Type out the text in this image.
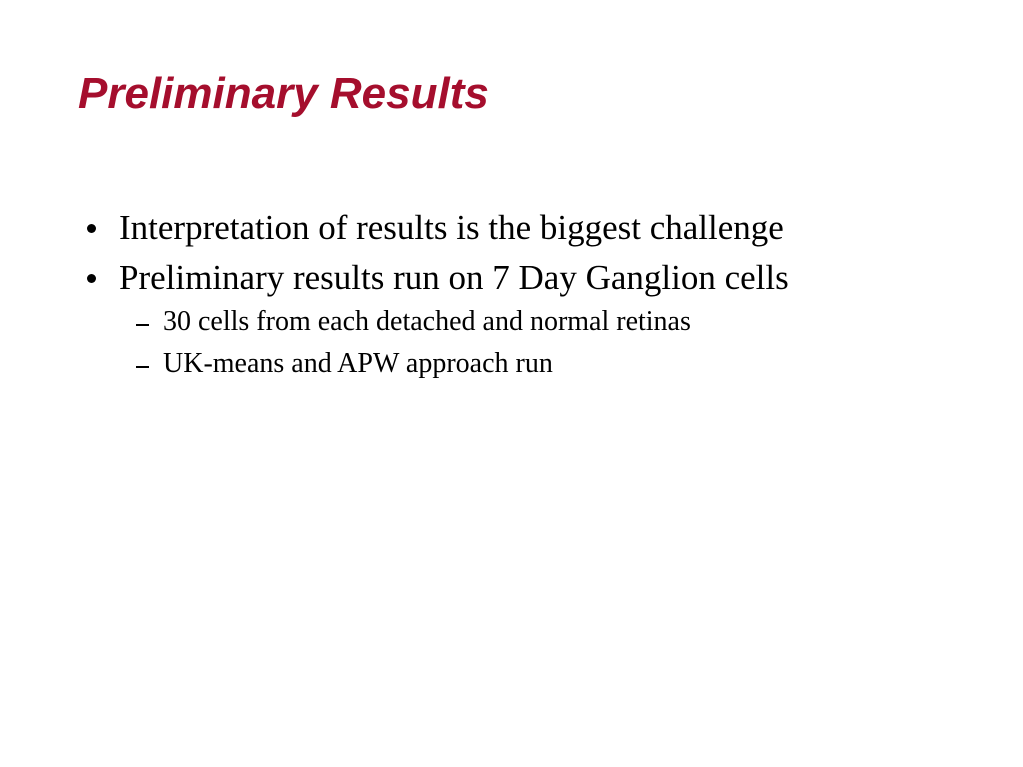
Preliminary Results
Interpretation of results is the biggest challenge
Preliminary results run on 7 Day Ganglion cells
30 cells from each detached and normal retinas
UK-means and APW approach run
